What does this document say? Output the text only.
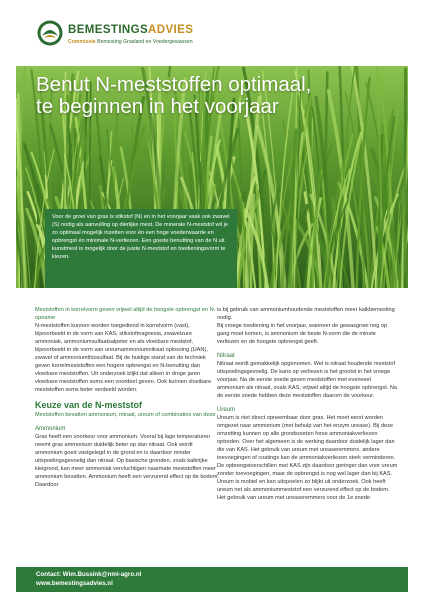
BEMESTINGSADVIES
Commissie Bemesting Grasland en Voedergewassen
Benut N-meststoffen optimaal,
te beginnen in het voorjaar
Voor de groei van gras is stikstof (N) en in het voorjaar vaak ook zwavel (S) nodig als aanvulling op dierlijke mest. De minerale N-meststof wil je zo optimaal mogelijk inzetten voor én een hoge voederwaarde en opbrengst én minimale N-verliezen. Een goede benutting van de N uit kunstmest is mogelijk door de juiste N-meststof en toedieningsvorm te kiezen.

Meststoffen in korrelvorm geven vrijwel altijd de hoogste opbrengst en N-opname

N-meststoffen kunnen worden toegediend in korrelvorm (vast), bijvoorbeeld in de vorm van KAS, stikstofmagnesia, zwavelzure ammoniak, ammoniumsulfaatsalpeter en als vloeibare meststof, bijvoorbeeld in de vorm van ureumammoniumnitraat oplossing (UAN), zwavel of ammoniumthiosulfaat. Bij de huidige stand van de techniek geven korrelmeststoffen een hogere opbrengst en N-benutting dan vloeibare meststoffen. Uit onderzoek blijkt dat alleen in droge jaren vloeibare meststoffen soms een voordeel geven. Ook kunnen vloeibare meststoffen soms beter verdeeld worden.

Keuze van de N-meststof

Meststoffen bevatten ammonium, nitraat, ureum of combinaties van deze

Ammonium

Gras heeft een voorkeur voor ammonium. Vooral bij lage temperaturen neemt gras ammonium duidelijk beter op dan nitraat. Ook wordt ammonium goed vastgelegd in de grond en is daardoor minder uitspoelingsgevoelig dan nitraat. Op basische gronden, zoals kalkrijke kleigrond, kan meer ammoniak vervluchtigen naarmate meststoffen meer ammonium bevatten. Ammonium heeft een verzurend effect op de bodem. Daardoor

is bij gebruik van ammoniumhoudende meststoffen meer kalkbemesting nodig.

Bij vroege toediening in het voorjaar, wanneer de gewasgroei nog op gang moet komen, is ammonium de beste N-vorm die de minste verliezen en de hoogste opbrengst geeft.

Nitraat

Nitraat wordt gemakkelijk opgenomen. Wel is nitraat houdende meststof uitspoelingsgevoelig. De kans op verliezen is het grootst in het vroege voorjaar. Na de eerste snede geven meststoffen met evenveel ammonium als nitraat, zoals KAS, vrijwel altijd de hoogste opbrengst. Na de eerste snede hebben deze meststoffen daarom de voorkeur.

Ureum

Ureum is niet direct opneembaar door gras. Het moet eerst worden omgezet naar ammonium (met behulp van het enzym urease). Bij deze omzetting kunnen op alle grondsoorten forse ammoniakverliezen optreden. Over het algemeen is de werking daardoor duidelijk lager dan die van KAS. Het gebruik van ureum met ureaseremmers, andere toevoegingen of coatings kan de ammoniakverliezen sterk verminderen. De opbrengstverschillen met KAS zijn daardoor geringer dan voor ureum zonder toevoegingen, maar de opbrengst is nog wel lager dan bij KAS. Ureum is mobiel en kan uitspoelen zo blijkt uit onderzoek. Ook heeft ureum net als ammoniummeststof een verzurend effect op de bodem. Het gebruik van ureum met ureaseremmers voor de 1e snede

Contact: Wim.Bussink@nmi-agro.nl
www.bemestingsadvies.nl
